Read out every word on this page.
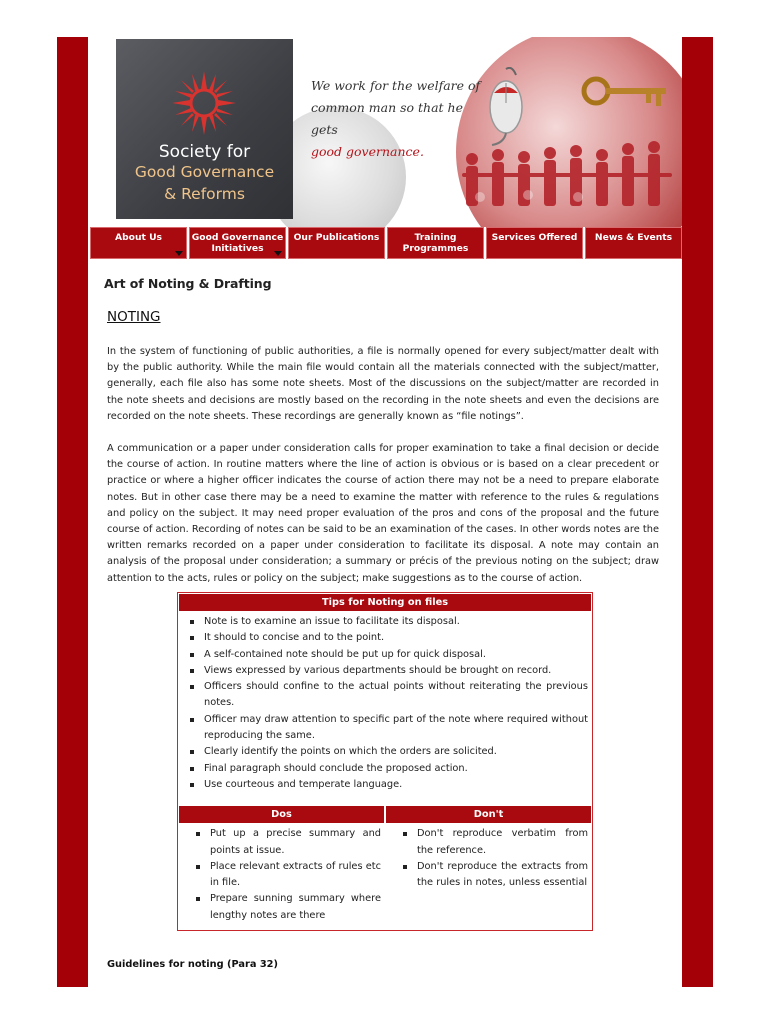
We work for the welfare of
common man so that he gets
good governance.
Society for
Good Governance
& Reforms
About Us	Good Governance Initiatives
Our Publications	Training Programmes
Services Offered	News & Events
Art of Noting & Drafting
NOTING
In the system of functioning of public authorities, a file is normally opened for every subject/matter dealt with by the public authority. While the main file would contain all the materials connected with the subject/matter, generally, each file also has some note sheets. Most of the discussions on the subject/matter are recorded in the note sheets and decisions are mostly based on the recording in the note sheets and even the decisions are recorded on the note sheets. These recordings are generally known as “file notings”.
A communication or a paper under consideration calls for proper examination to take a final decision or decide the course of action. In routine matters where the line of action is obvious or is based on a clear precedent or practice or where a higher officer indicates the course of action there may not be a need to prepare elaborate notes. But in other case there may be a need to examine the matter with reference to the rules & regulations and policy on the subject. It may need proper evaluation of the pros and cons of the proposal and the future course of action. Recording of notes can be said to be an examination of the cases. In other words notes are the written remarks recorded on a paper under consideration to facilitate its disposal. A note may contain an analysis of the proposal under consideration; a summary or précis of the previous noting on the subject; draw attention to the acts, rules or policy on the subject; make suggestions as to the course of action.
Tips for Noting on files
Note is to examine an issue to facilitate its disposal.
It should to concise and to the point.
A self-contained note should be put up for quick disposal.
Views expressed by various departments should be brought on record.
Officers should confine to the actual points without reiterating the previous notes.
Officer may draw attention to specific part of the note where required without reproducing the same.
Clearly identify the points on which the orders are solicited.
Final paragraph should conclude the proposed action.
Use courteous and temperate language.
Dos
Put up a precise summary and points at issue.
Place relevant extracts of rules etc in file.
Prepare sunning summary where lengthy notes are there
Don't
Don't reproduce verbatim from the reference.
Don't reproduce the extracts from the rules in notes, unless essential
Guidelines for noting (Para 32)
